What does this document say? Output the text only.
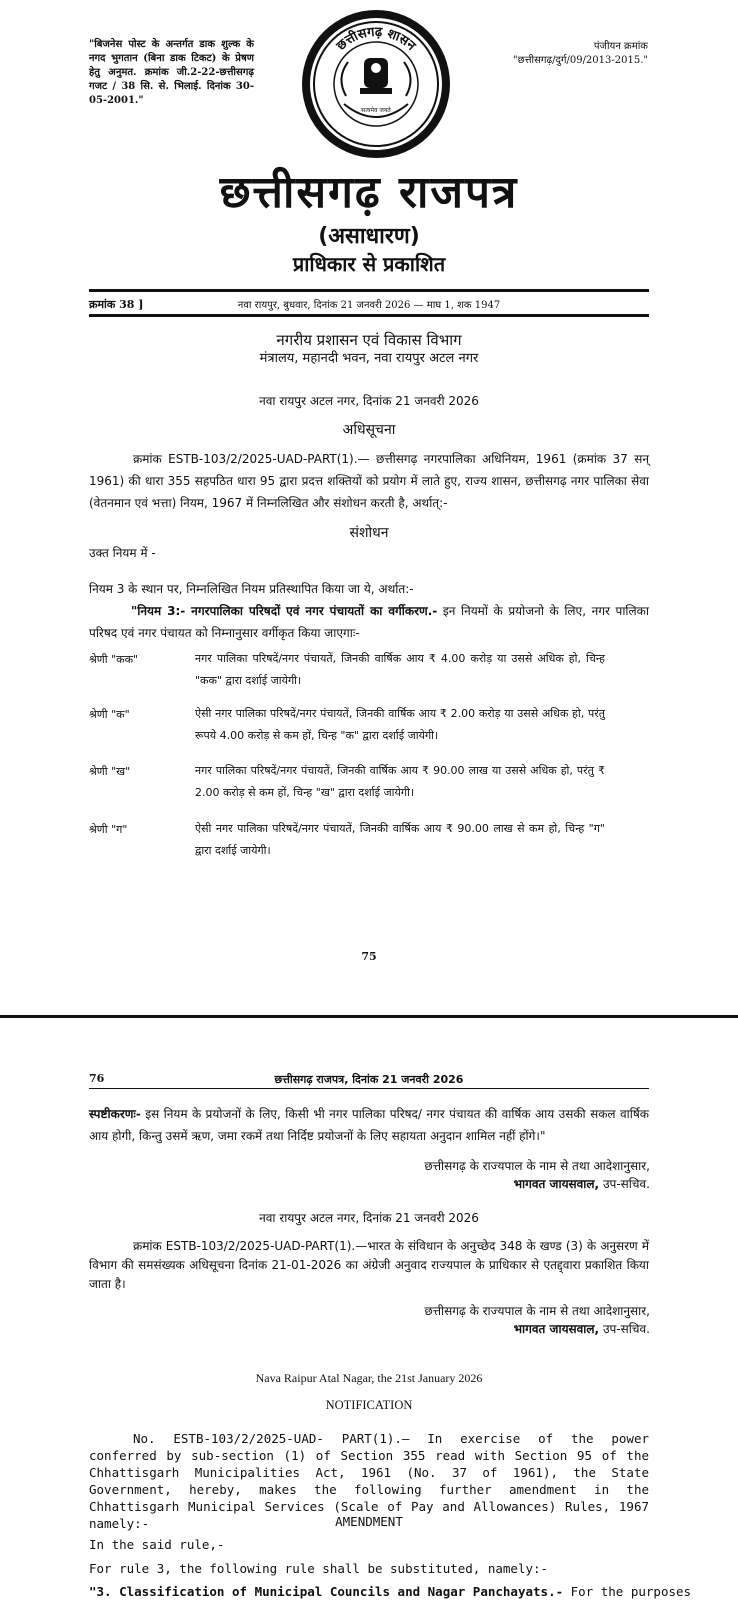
"बिजनेस पोस्ट के अन्तर्गत डाक शुल्क के नगद भुगतान (बिना डाक टिकट) के प्रेषण हेतु अनुमत. क्रमांक जी.2-22-छत्तीसगढ़ गजट / 38 सि. से. भिलाई. दिनांक 30-05-2001."
छत्तीसगढ़ शासन
सत्यमेव जयते
पंजीयन क्रमांक
"छत्तीसगढ़/दुर्ग/09/2013-2015."
छत्तीसगढ़ राजपत्र
(असाधारण)
प्राधिकार से प्रकाशित
क्रमांक 38 ]	नवा रायपुर, बुधवार, दिनांक 21 जनवरी 2026 — माघ 1, शक 1947
नगरीय प्रशासन एवं विकास विभाग
मंत्रालय, महानदी भवन, नवा रायपुर अटल नगर
नवा रायपुर अटल नगर, दिनांक 21 जनवरी 2026
अधिसूचना
क्रमांक ESTB-103/2/2025-UAD-PART(1).— छत्तीसगढ़ नगरपालिका अधिनियम, 1961 (क्रमांक 37 सन् 1961) की धारा 355 सहपठित धारा 95 द्वारा प्रदत्त शक्तियों को प्रयोग में लाते हुए, राज्य शासन, छत्तीसगढ़ नगर पालिका सेवा (वेतनमान एवं भत्ता) नियम, 1967 में निम्नलिखित और संशोधन करती है, अर्थात्:-
संशोधन
उक्त नियम में -
नियम 3 के स्थान पर, निम्नलिखित नियम प्रतिस्थापित किया जा ये, अर्थात:-
"नियम 3:- नगरपालिका परिषदों एवं नगर पंचायतों का वर्गीकरण.- इन नियमों के प्रयोजनो के लिए, नगर पालिका परिषद एवं नगर पंचायत को निम्नानुसार वर्गीकृत किया जाएगाः-
श्रेणी "कक"	नगर पालिका परिषदें/नगर पंचायतें, जिनकी वार्षिक आय ₹ 4.00 करोड़ या उससे अधिक हो, चिन्ह "कक" द्वारा दर्शाई जायेगी।
श्रेणी "क"	ऐसी नगर पालिका परिषदें/नगर पंचायतें, जिनकी वार्षिक आय ₹ 2.00 करोड़ या उससे अधिक हो, परंतु रूपये 4.00 करोड़ से कम हों, चिन्ह "क" द्वारा दर्शाई जायेगी।
श्रेणी "ख"	नगर पालिका परिषदें/नगर पंचायतें, जिनकी वार्षिक आय ₹ 90.00 लाख या उससे अधिक हो, परंतु ₹ 2.00 करोड़ से कम हों, चिन्ह "ख" द्वारा दर्शाई जायेगी।
श्रेणी "ग"	ऐसी नगर पालिका परिषदें/नगर पंचायतें, जिनकी वार्षिक आय ₹ 90.00 लाख से कम हो, चिन्ह "ग" द्वारा दर्शाई जायेगी।
75
76	छत्तीसगढ़ राजपत्र, दिनांक 21 जनवरी 2026
स्पष्टीकरणः- इस नियम के प्रयोजनों के लिए, किसी भी नगर पालिका परिषद/ नगर पंचायत की वार्षिक आय उसकी सकल वार्षिक आय होगी, किन्तु उसमें ऋण, जमा रकमें तथा निर्दिष्ट प्रयोजनों के लिए सहायता अनुदान शामिल नहीं होंगे।"
छत्तीसगढ़ के राज्यपाल के नाम से तथा आदेशानुसार,
भागवत जायसवाल, उप-सचिव.
नवा रायपुर अटल नगर, दिनांक 21 जनवरी 2026
क्रमांक ESTB-103/2/2025-UAD-PART(1).—भारत के संविधान के अनुच्छेद 348 के खण्ड (3) के अनुसरण में विभाग की समसंख्यक अधिसूचना दिनांक 21-01-2026 का अंग्रेजी अनुवाद राज्यपाल के प्राधिकार से एतद्द्वारा प्रकाशित किया जाता है।
छत्तीसगढ़ के राज्यपाल के नाम से तथा आदेशानुसार,
भागवत जायसवाल, उप-सचिव.
Nava Raipur Atal Nagar, the 21st January 2026
NOTIFICATION
No. ESTB-103/2/2025-UAD- PART(1).— In exercise of the power conferred by sub-section (1) of Section 355 read with Section 95 of the Chhattisgarh Municipalities Act, 1961 (No. 37 of 1961), the State Government, hereby, makes the following further amendment in the Chhattisgarh Municipal Services (Scale of Pay and Allowances) Rules, 1967 namely:-	AMENDMENT
In the said rule,-
For rule 3, the following rule shall be substituted, namely:-
"3. Classification of Municipal Councils and Nagar Panchayats.- For the purposes
